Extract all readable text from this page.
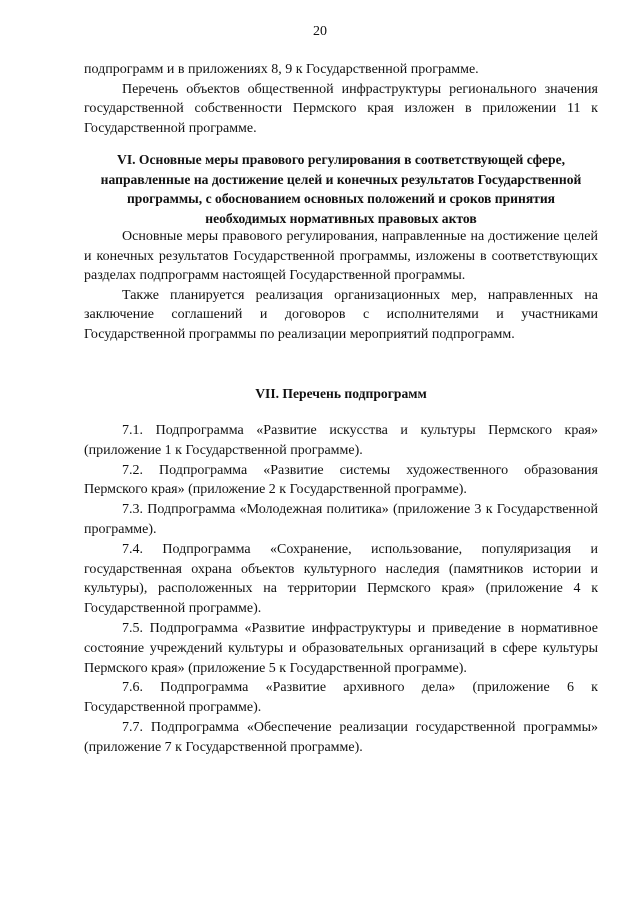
20

подпрограмм и в приложениях 8, 9 к Государственной программе.

Перечень объектов общественной инфраструктуры регионального значения государственной собственности Пермского края изложен в приложении 11 к Государственной программе.

VI. Основные меры правового регулирования в соответствующей сфере, направленные на достижение целей и конечных результатов Государственной программы, с обоснованием основных положений и сроков принятия необходимых нормативных правовых актов

Основные меры правового регулирования, направленные на достижение целей и конечных результатов Государственной программы, изложены в соответствующих разделах подпрограмм настоящей Государственной программы.

Также планируется реализация организационных мер, направленных на заключение соглашений и договоров с исполнителями и участниками Государственной программы по реализации мероприятий подпрограмм.

VII. Перечень подпрограмм

7.1. Подпрограмма «Развитие искусства и культуры Пермского края» (приложение 1 к Государственной программе).

7.2. Подпрограмма «Развитие системы художественного образования Пермского края» (приложение 2 к Государственной программе).

7.3. Подпрограмма «Молодежная политика» (приложение 3 к Государственной программе).

7.4. Подпрограмма «Сохранение, использование, популяризация и государственная охрана объектов культурного наследия (памятников истории и культуры), расположенных на территории Пермского края» (приложение 4 к Государственной программе).

7.5. Подпрограмма «Развитие инфраструктуры и приведение в нормативное состояние учреждений культуры и образовательных организаций в сфере культуры Пермского края» (приложение 5 к Государственной программе).

7.6. Подпрограмма «Развитие архивного дела» (приложение 6 к Государственной программе).

7.7. Подпрограмма «Обеспечение реализации государственной программы» (приложение 7 к Государственной программе).
